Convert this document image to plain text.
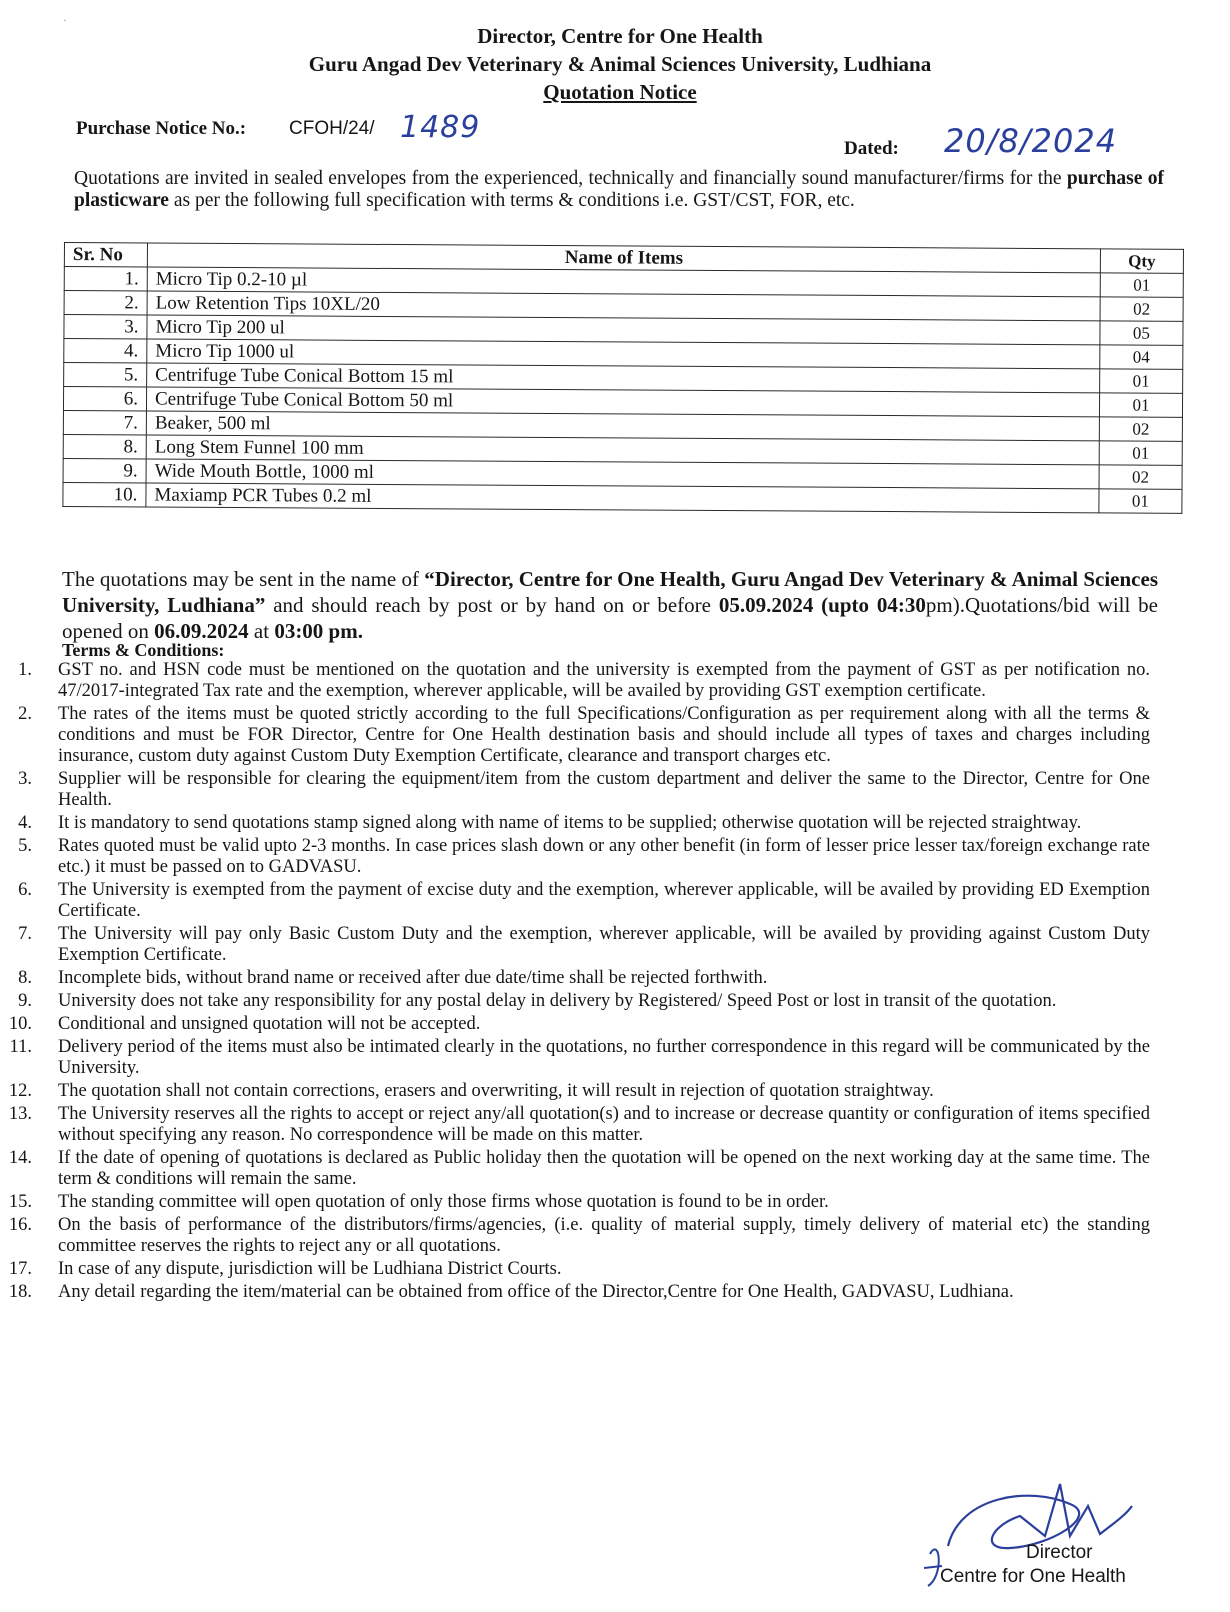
˙	Director, Centre for One Health
Guru Angad Dev Veterinary & Animal Sciences University, Ludhiana
Quotation Notice
Purchase Notice No.: CFOH/24/ 1489
Dated: 20/8/2024
Quotations are invited in sealed envelopes from the experienced, technically and financially sound manufacturer/firms for the purchase of plasticware as per the following full specification with terms & conditions i.e. GST/CST, FOR, etc.
Sr. No	Name of Items	Qty
1.	Micro Tip 0.2-10 µl	01
2.	Low Retention Tips 10XL/20	02
3.	Micro Tip 200 ul	05
4.	Micro Tip 1000 ul	04
5.	Centrifuge Tube Conical Bottom 15 ml	01
6.	Centrifuge Tube Conical Bottom 50 ml	01
7.	Beaker, 500 ml	02
8.	Long Stem Funnel 100 mm	01
9.	Wide Mouth Bottle, 1000 ml	02
10.	Maxiamp PCR Tubes 0.2 ml	01
The quotations may be sent in the name of “Director, Centre for One Health, Guru Angad Dev Veterinary & Animal Sciences University, Ludhiana” and should reach by post or by hand on or before 05.09.2024 (upto 04:30pm).Quotations/bid will be opened on 06.09.2024 at 03:00 pm.
Terms & Conditions:
1. GST no. and HSN code must be mentioned on the quotation and the university is exempted from the payment of GST as per notification no. 47/2017-integrated Tax rate and the exemption, wherever applicable, will be availed by providing GST exemption certificate.
2. The rates of the items must be quoted strictly according to the full Specifications/Configuration as per requirement along with all the terms & conditions and must be FOR Director, Centre for One Health destination basis and should include all types of taxes and charges including insurance, custom duty against Custom Duty Exemption Certificate, clearance and transport charges etc.
3. Supplier will be responsible for clearing the equipment/item from the custom department and deliver the same to the Director, Centre for One Health.
4. It is mandatory to send quotations stamp signed along with name of items to be supplied; otherwise quotation will be rejected straightway.
5. Rates quoted must be valid upto 2-3 months. In case prices slash down or any other benefit (in form of lesser price lesser tax/foreign exchange rate etc.) it must be passed on to GADVASU.
6. The University is exempted from the payment of excise duty and the exemption, wherever applicable, will be availed by providing ED Exemption Certificate.
7. The University will pay only Basic Custom Duty and the exemption, wherever applicable, will be availed by providing against Custom Duty Exemption Certificate.
8. Incomplete bids, without brand name or received after due date/time shall be rejected forthwith.
9. University does not take any responsibility for any postal delay in delivery by Registered/ Speed Post or lost in transit of the quotation.
10. Conditional and unsigned quotation will not be accepted.
11. Delivery period of the items must also be intimated clearly in the quotations, no further correspondence in this regard will be communicated by the University.
12. The quotation shall not contain corrections, erasers and overwriting, it will result in rejection of quotation straightway.
13. The University reserves all the rights to accept or reject any/all quotation(s) and to increase or decrease quantity or configuration of items specified without specifying any reason. No correspondence will be made on this matter.
14. If the date of opening of quotations is declared as Public holiday then the quotation will be opened on the next working day at the same time. The term & conditions will remain the same.
15. The standing committee will open quotation of only those firms whose quotation is found to be in order.
16. On the basis of performance of the distributors/firms/agencies, (i.e. quality of material supply, timely delivery of material etc) the standing committee reserves the rights to reject any or all quotations.
17. In case of any dispute, jurisdiction will be Ludhiana District Courts.
18. Any detail regarding the item/material can be obtained from office of the Director,Centre for One Health, GADVASU, Ludhiana.
Director
Centre for One Health
